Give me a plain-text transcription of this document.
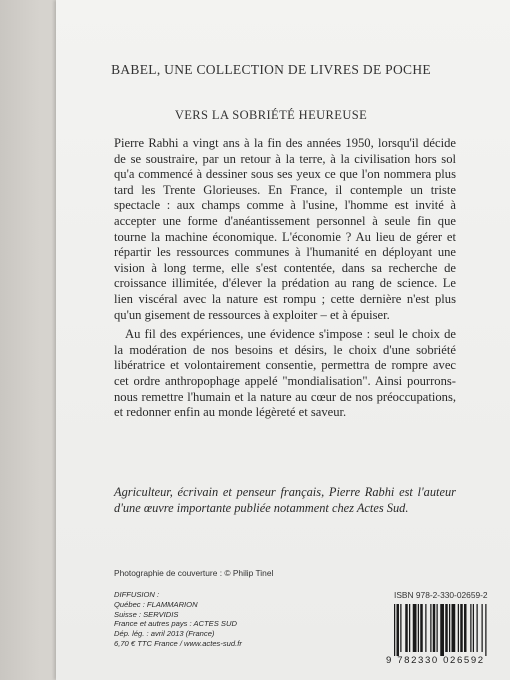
BABEL, UNE COLLECTION DE LIVRES DE POCHE
VERS LA SOBRIÉTÉ HEUREUSE

Pierre Rabhi a vingt ans à la fin des années 1950, lorsqu'il décide de se soustraire, par un retour à la terre, à la civilisation hors sol qu'a commencé à dessiner sous ses yeux ce que l'on nommera plus tard les Trente Glorieuses. En France, il contemple un triste spectacle : aux champs comme à l'usine, l'homme est invité à accepter une forme d'anéantissement personnel à seule fin que tourne la machine économique. L'économie ? Au lieu de gérer et répartir les ressources communes à l'humanité en déployant une vision à long terme, elle s'est contentée, dans sa recherche de croissance illimitée, d'élever la prédation au rang de science. Le lien viscéral avec la nature est rompu ; cette dernière n'est plus qu'un gisement de ressources à exploiter – et à épuiser.

Au fil des expériences, une évidence s'impose : seul le choix de la modération de nos besoins et désirs, le choix d'une sobriété libératrice et volontairement consentie, permettra de rompre avec cet ordre anthropophage appelé "mondialisation". Ainsi pourrons-nous remettre l'humain et la nature au cœur de nos préoccupations, et redonner enfin au monde légèreté et saveur.

Agriculteur, écrivain et penseur français, Pierre Rabhi est l'auteur d'une œuvre importante publiée notamment chez Actes Sud.
Photographie de couverture : © Philip Tinel
ISBN 978-2-330-02659-2
DIFFUSION :
Québec : FLAMMARION
Suisse : SERVIDIS
France et autres pays : ACTES SUD
Dép. lég. : avril 2013 (France)
6,70 € TTC France / www.actes-sud.fr
9 782330 026592
